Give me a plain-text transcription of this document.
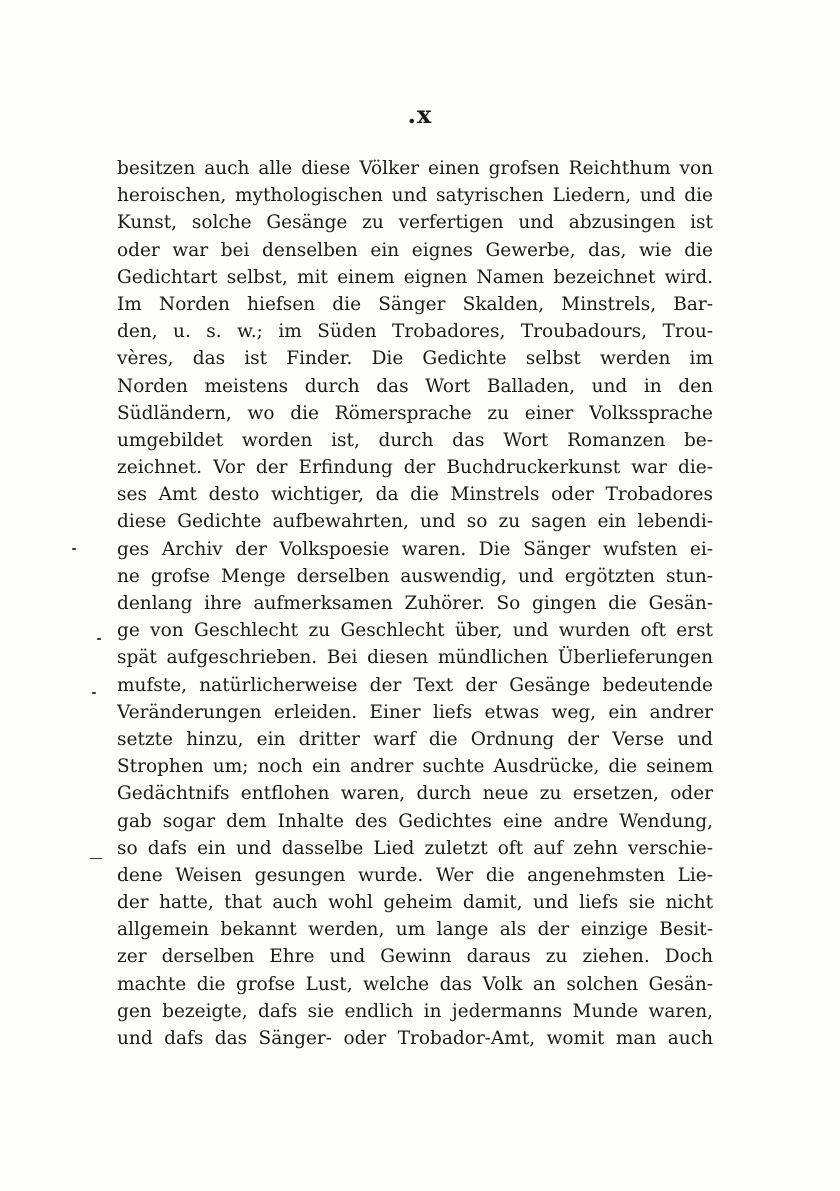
.x
besitzen auch alle diese Völker einen grofsen Reichthum von
heroischen, mythologischen und satyrischen Liedern, und die
Kunst, solche Gesänge zu verfertigen und abzusingen ist
oder war bei denselben ein eignes Gewerbe, das, wie die
Gedichtart selbst, mit einem eignen Namen bezeichnet wird.
Im Norden hiefsen die Sänger Skalden, Minstrels, Bar-
den, u. s. w.; im Süden Trobadores, Troubadours, Trou-
vères, das ist Finder. Die Gedichte selbst werden im
Norden meistens durch das Wort Balladen, und in den
Südländern, wo die Römersprache zu einer Volkssprache
umgebildet worden ist, durch das Wort Romanzen be-
zeichnet. Vor der Erfindung der Buchdruckerkunst war die-
ses Amt desto wichtiger, da die Minstrels oder Trobadores
diese Gedichte aufbewahrten, und so zu sagen ein lebendi-
ges Archiv der Volkspoesie waren. Die Sänger wufsten ei-
ne grofse Menge derselben auswendig, und ergötzten stun-
denlang ihre aufmerksamen Zuhörer. So gingen die Gesän-
ge von Geschlecht zu Geschlecht über, und wurden oft erst
spät aufgeschrieben. Bei diesen mündlichen Überlieferungen
mufste, natürlicherweise der Text der Gesänge bedeutende
Veränderungen erleiden. Einer liefs etwas weg, ein andrer
setzte hinzu, ein dritter warf die Ordnung der Verse und
Strophen um; noch ein andrer suchte Ausdrücke, die seinem
Gedächtnifs entflohen waren, durch neue zu ersetzen, oder
gab sogar dem Inhalte des Gedichtes eine andre Wendung,
so dafs ein und dasselbe Lied zuletzt oft auf zehn verschie-
dene Weisen gesungen wurde. Wer die angenehmsten Lie-
der hatte, that auch wohl geheim damit, und liefs sie nicht
allgemein bekannt werden, um lange als der einzige Besit-
zer derselben Ehre und Gewinn daraus zu ziehen. Doch
machte die grofse Lust, welche das Volk an solchen Gesän-
gen bezeigte, dafs sie endlich in jedermanns Munde waren,
und dafs das Sänger- oder Trobador-Amt, womit man auch
